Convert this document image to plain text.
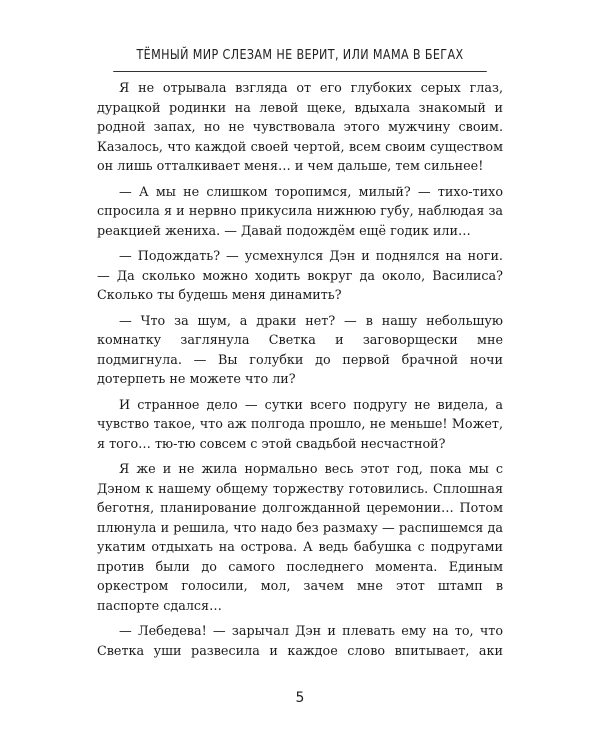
ТЁМНЫЙ МИР СЛЕЗАМ НЕ ВЕРИТ, ИЛИ МАМА В БЕГАХ

Я не отрывала взгляда от его глубоких серых глаз, дурацкой родинки на левой щеке, вдыхала знакомый и родной запах, но не чувствовала этого мужчину своим. Казалось, что каждой своей чертой, всем своим существом он лишь отталкивает меня… и чем дальше, тем сильнее!

— А мы не слишком торопимся, милый? — тихо-тихо спросила я и нервно прикусила нижнюю губу, наблюдая за реакцией жениха. — Давай подождём ещё годик или…

— Подождать? — усмехнулся Дэн и поднялся на ноги. — Да сколько можно ходить вокруг да около, Василиса? Сколько ты будешь меня динамить?

— Что за шум, а драки нет? — в нашу небольшую комнатку заглянула Светка и заговорщески мне подмигнула. — Вы голубки до первой брачной ночи дотерпеть не можете что ли?

И странное дело — сутки всего подругу не видела, а чувство такое, что аж полгода прошло, не меньше! Может, я того… тю-тю совсем с этой свадьбой несчастной?

Я же и не жила нормально весь этот год, пока мы с Дэном к нашему общему торжеству готовились. Сплошная беготня, планирование долгожданной церемонии… Потом плюнула и решила, что надо без размаху — распишемся да укатим отдыхать на острова. А ведь бабушка с подругами против были до самого последнего момента. Единым оркестром голосили, мол, зачем мне этот штамп в паспорте сдался…

— Лебедева! — зарычал Дэн и плевать ему на то, что Светка уши развесила и каждое слово впитывает, аки

5
